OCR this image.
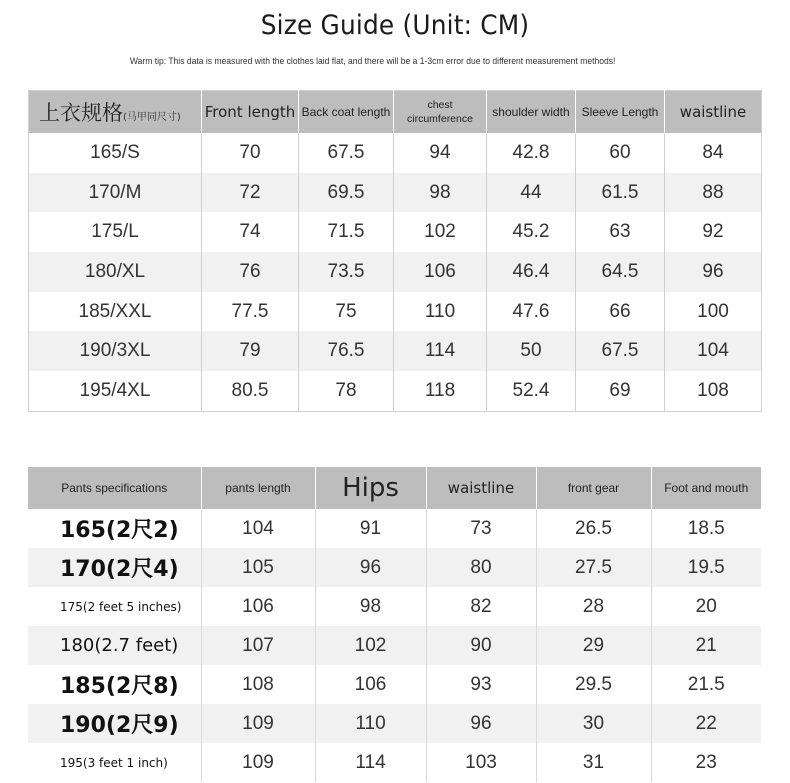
Size Guide (Unit: CM)
Warm tip: This data is measured with the clothes laid flat, and there will be a 1-3cm error due to different measurement methods!
上衣规格(马甲同尺寸)	Front length	Back coat length	chest circumference	shoulder width	Sleeve Length	waistline
165/S	70	67.5	94	42.8	60	84
170/M	72	69.5	98	44	61.5	88
175/L	74	71.5	102	45.2	63	92
180/XL	76	73.5	106	46.4	64.5	96
185/XXL	77.5	75	110	47.6	66	100
190/3XL	79	76.5	114	50	67.5	104
195/4XL	80.5	78	118	52.4	69	108
Pants specifications	pants length	Hips	waistline	front gear	Foot and mouth
165(2尺2)	104	91	73	26.5	18.5
170(2尺4)	105	96	80	27.5	19.5
175(2 feet 5 inches)	106	98	82	28	20
180(2.7 feet)	107	102	90	29	21
185(2尺8)	108	106	93	29.5	21.5
190(2尺9)	109	110	96	30	22
195(3 feet 1 inch)	109	114	103	31	23
